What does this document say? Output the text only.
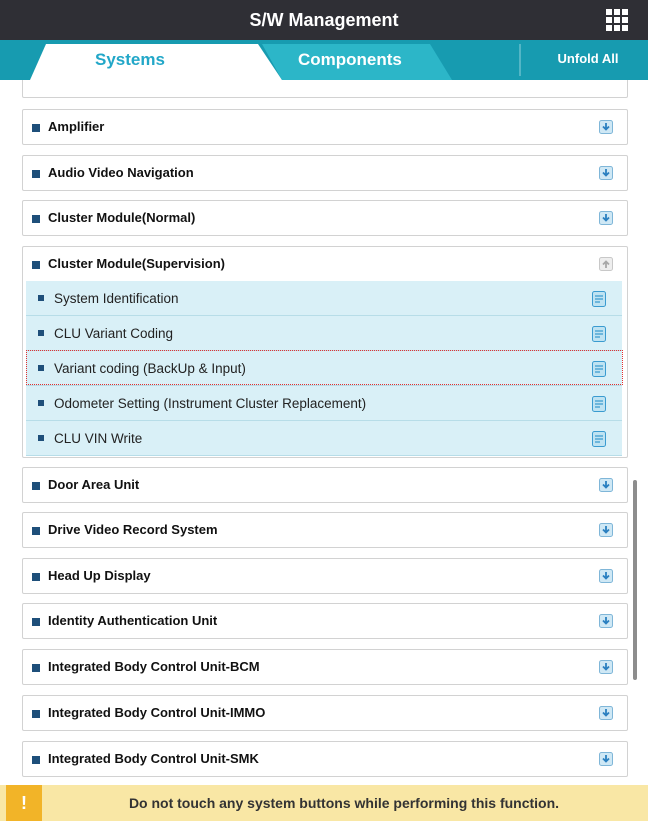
S/W Management
Systems	Components	Unfold All
Amplifier
Audio Video Navigation
Cluster Module(Normal)
Cluster Module(Supervision)
System Identification
CLU Variant Coding
Variant coding (BackUp & Input)
Odometer Setting (Instrument Cluster Replacement)
CLU VIN Write
Door Area Unit
Drive Video Record System
Head Up Display
Identity Authentication Unit
Integrated Body Control Unit-BCM
Integrated Body Control Unit-IMMO
Integrated Body Control Unit-SMK
!	Do not touch any system buttons while performing this function.
